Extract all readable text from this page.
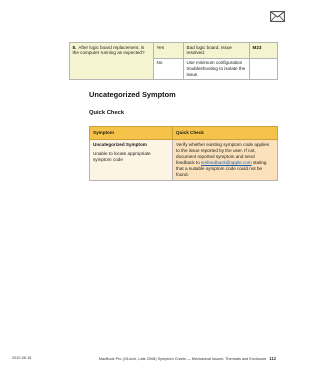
8. After logic board replacement, is the computer running as expected?	Yes	Bad logic board. Issue resolved.	M23
	No	Use minimum configuration troubleshooting to isolate the issue.	
Uncategorized Symptom
Quick Check
Symptom	Quick Check

Uncategorized Symptom
Unable to locate appropriate symptom code	Verify whether existing symptom code applies to the issue reported by the user. If not, document reported symptom and send feedback to smfeedback@apple.com stating that a suitable symptom code could not be found.
2010-06-15	MacBook Pro (15-inch, Late 2008) Symptom Charts — Mechanical Issues: Thermals and Enclosure 112
